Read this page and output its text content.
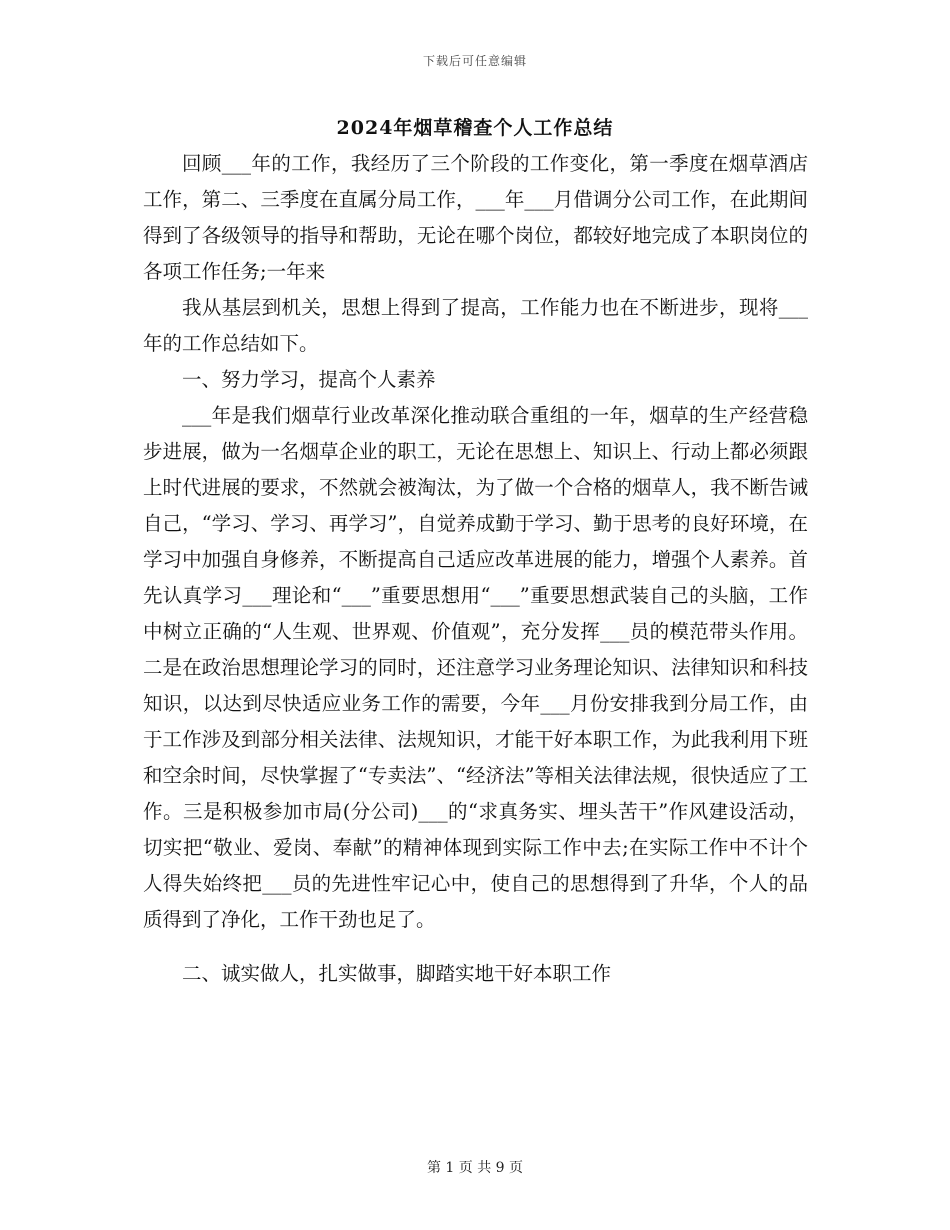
下载后可任意编辑
2024年烟草稽查个人工作总结

回顾___年的工作，我经历了三个阶段的工作变化，第一季度在烟草酒店工作，第二、三季度在直属分局工作，___年___月借调分公司工作，在此期间得到了各级领导的指导和帮助，无论在哪个岗位，都较好地完成了本职岗位的各项工作任务;一年来

我从基层到机关，思想上得到了提高，工作能力也在不断进步，现将___年的工作总结如下。

一、努力学习，提高个人素养

___年是我们烟草行业改革深化推动联合重组的一年，烟草的生产经营稳步进展，做为一名烟草企业的职工，无论在思想上、知识上、行动上都必须跟上时代进展的要求，不然就会被淘汰，为了做一个合格的烟草人，我不断告诫自己，“学习、学习、再学习”，自觉养成勤于学习、勤于思考的良好环境，在学习中加强自身修养，不断提高自己适应改革进展的能力，增强个人素养。首先认真学习___理论和“___”重要思想用“___”重要思想武装自己的头脑，工作中树立正确的“人生观、世界观、价值观”，充分发挥___员的模范带头作用。二是在政治思想理论学习的同时，还注意学习业务理论知识、法律知识和科技知识，以达到尽快适应业务工作的需要，今年___月份安排我到分局工作，由于工作涉及到部分相关法律、法规知识，才能干好本职工作，为此我利用下班和空余时间，尽快掌握了“专卖法”、“经济法”等相关法律法规，很快适应了工作。三是积极参加市局(分公司)___的“求真务实、埋头苦干”作风建设活动，切实把“敬业、爱岗、奉献”的精神体现到实际工作中去;在实际工作中不计个人得失始终把___员的先进性牢记心中，使自己的思想得到了升华，个人的品质得到了净化，工作干劲也足了。

二、诚实做人，扎实做事，脚踏实地干好本职工作

第 1 页 共 9 页
